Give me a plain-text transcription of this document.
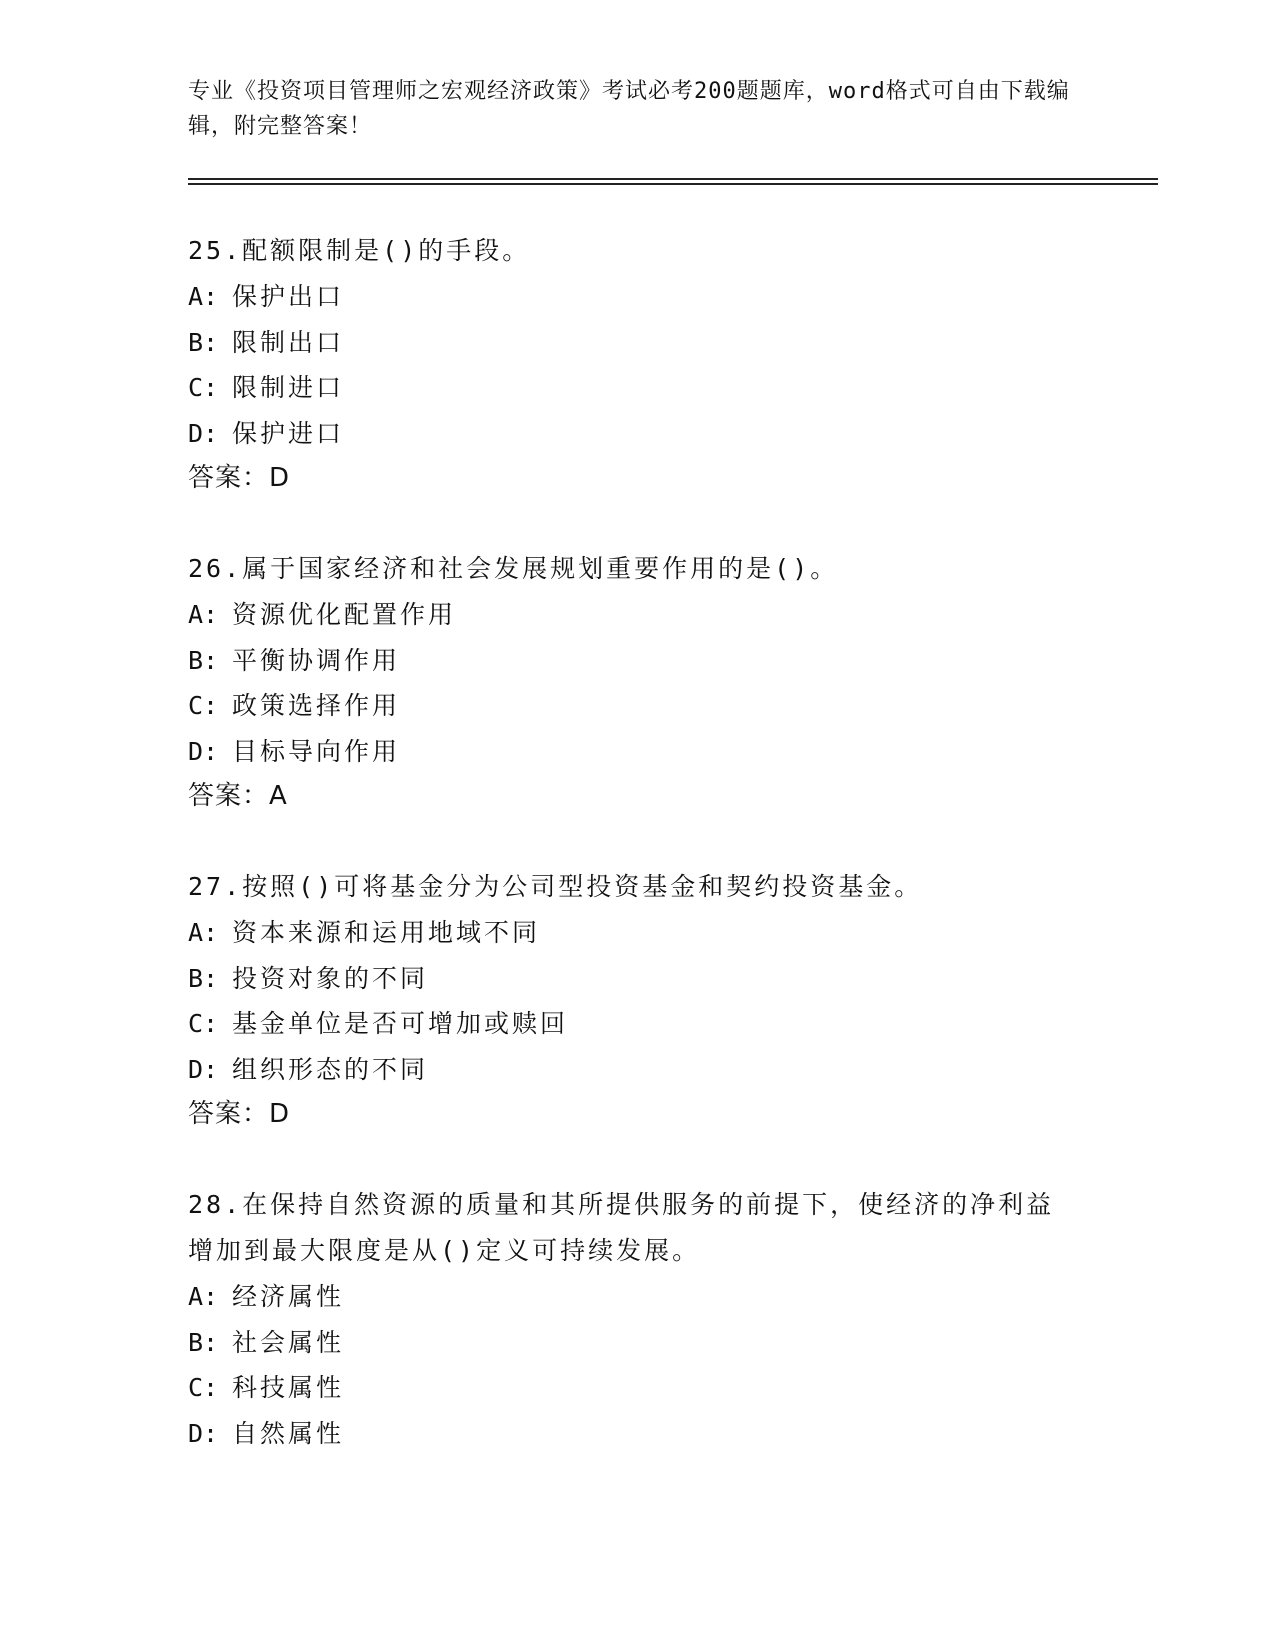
专业《投资项目管理师之宏观经济政策》考试必考200题题库，word格式可自由下载编辑，附完整答案！

25.配额限制是()的手段。

A: 保护出口
B: 限制出口
C: 限制进口
D: 保护进口
答案：D

26.属于国家经济和社会发展规划重要作用的是()。

A: 资源优化配置作用
B: 平衡协调作用
C: 政策选择作用
D: 目标导向作用
答案：A

27.按照()可将基金分为公司型投资基金和契约投资基金。

A: 资本来源和运用地域不同
B: 投资对象的不同
C: 基金单位是否可增加或赎回
D: 组织形态的不同
答案：D

28.在保持自然资源的质量和其所提供服务的前提下，使经济的净利益增加到最大限度是从()定义可持续发展。

A: 经济属性
B: 社会属性
C: 科技属性
D: 自然属性
